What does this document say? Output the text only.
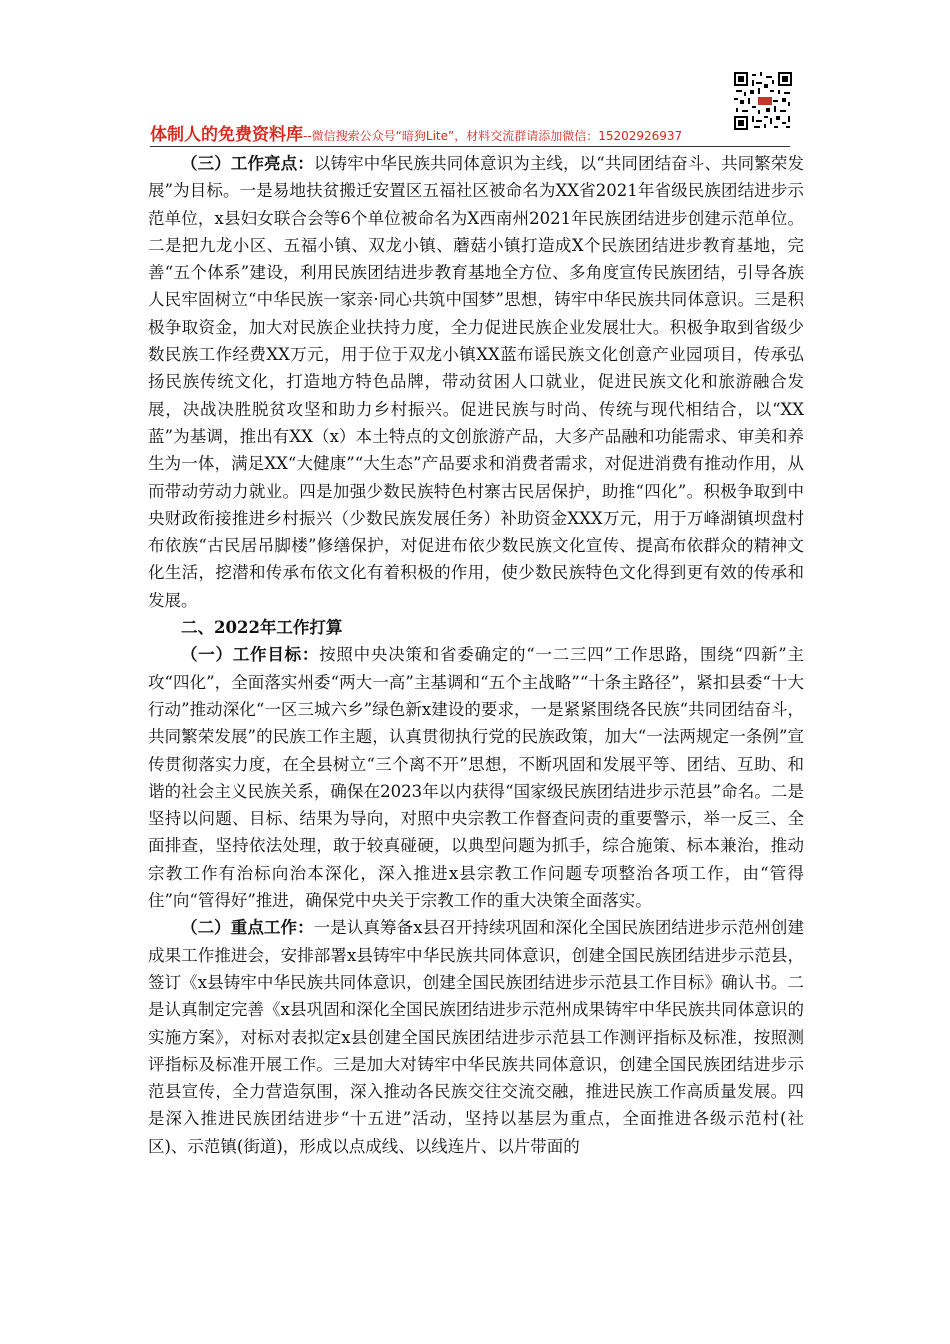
体制人的免费资料库--微信搜索公众号“暗狗Lite”，材料交流群请添加微信：15202926937

（三）工作亮点：以铸牢中华民族共同体意识为主线，以“共同团结奋斗、共同繁荣发展”为目标。一是易地扶贫搬迁安置区五福社区被命名为XX省2021年省级民族团结进步示范单位，x县妇女联合会等6个单位被命名为X西南州2021年民族团结进步创建示范单位。二是把九龙小区、五福小镇、双龙小镇、蘑菇小镇打造成X个民族团结进步教育基地，完善“五个体系”建设，利用民族团结进步教育基地全方位、多角度宣传民族团结，引导各族人民牢固树立“中华民族一家亲·同心共筑中国梦”思想，铸牢中华民族共同体意识。三是积极争取资金，加大对民族企业扶持力度，全力促进民族企业发展壮大。积极争取到省级少数民族工作经费XX万元，用于位于双龙小镇XX蓝布谣民族文化创意产业园项目，传承弘扬民族传统文化，打造地方特色品牌，带动贫困人口就业，促进民族文化和旅游融合发展，决战决胜脱贫攻坚和助力乡村振兴。促进民族与时尚、传统与现代相结合，以“XX蓝”为基调，推出有XX（x）本土特点的文创旅游产品，大多产品融和功能需求、审美和养生为一体，满足XX“大健康”“大生态”产品要求和消费者需求，对促进消费有推动作用，从而带动劳动力就业。四是加强少数民族特色村寨古民居保护，助推“四化”。积极争取到中央财政衔接推进乡村振兴（少数民族发展任务）补助资金XXX万元，用于万峰湖镇坝盘村布依族“古民居吊脚楼”修缮保护，对促进布依少数民族文化宣传、提高布依群众的精神文化生活，挖潜和传承布依文化有着积极的作用，使少数民族特色文化得到更有效的传承和发展。

二、2022年工作打算

（一）工作目标：按照中央决策和省委确定的“一二三四”工作思路，围绕“四新”主攻“四化”，全面落实州委“两大一高”主基调和“五个主战略”“十条主路径”，紧扣县委“十大行动”推动深化“一区三城六乡”绿色新x建设的要求，一是紧紧围绕各民族“共同团结奋斗，共同繁荣发展”的民族工作主题，认真贯彻执行党的民族政策，加大“一法两规定一条例”宣传贯彻落实力度，在全县树立“三个离不开”思想，不断巩固和发展平等、团结、互助、和谐的社会主义民族关系，确保在2023年以内获得“国家级民族团结进步示范县”命名。二是坚持以问题、目标、结果为导向，对照中央宗教工作督查问责的重要警示，举一反三、全面排查，坚持依法处理，敢于较真碰硬，以典型问题为抓手，综合施策、标本兼治，推动宗教工作有治标向治本深化，深入推进x县宗教工作问题专项整治各项工作，由“管得住”向“管得好”推进，确保党中央关于宗教工作的重大决策全面落实。

（二）重点工作：一是认真筹备x县召开持续巩固和深化全国民族团结进步示范州创建成果工作推进会，安排部署x县铸牢中华民族共同体意识，创建全国民族团结进步示范县，签订《x县铸牢中华民族共同体意识，创建全国民族团结进步示范县工作目标》确认书。二是认真制定完善《x县巩固和深化全国民族团结进步示范州成果铸牢中华民族共同体意识的实施方案》，对标对表拟定x县创建全国民族团结进步示范县工作测评指标及标准，按照测评指标及标准开展工作。三是加大对铸牢中华民族共同体意识，创建全国民族团结进步示范县宣传，全力营造氛围，深入推动各民族交往交流交融，推进民族工作高质量发展。四是深入推进民族团结进步“十五进”活动，坚持以基层为重点，全面推进各级示范村(社区)、示范镇(街道)，形成以点成线、以线连片、以片带面的
